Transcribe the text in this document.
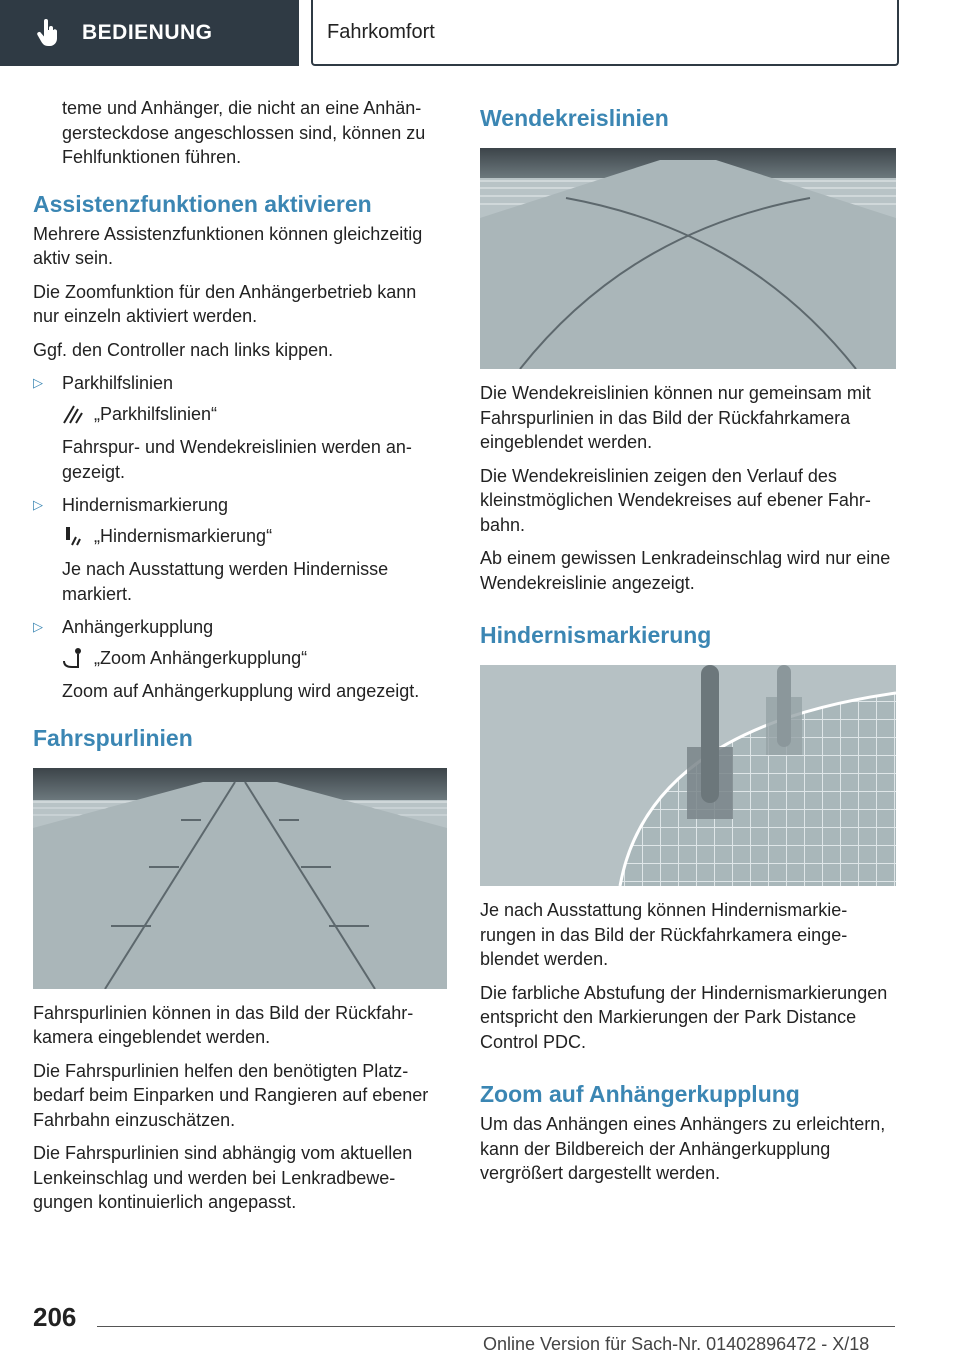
BEDIENUNG	Fahrkomfort

teme und Anhänger, die nicht an eine Anhängersteckdose angeschlossen sind, können zu Fehlfunktionen führen.

Assistenzfunktionen aktivieren

Mehrere Assistenzfunktionen können gleichzeitig aktiv sein.

Die Zoomfunktion für den Anhängerbetrieb kann nur einzeln aktiviert werden.

Ggf. den Controller nach links kippen.

▷	Parkhilfslinien
„Parkhilfslinien“

Fahrspur- und Wendekreislinien werden angezeigt.

▷	Hindernismarkierung
„Hindernismarkierung“

Je nach Ausstattung werden Hindernisse markiert.

▷	Anhängerkupplung
„Zoom Anhängerkupplung“

Zoom auf Anhängerkupplung wird angezeigt.

Fahrspurlinien

Fahrspurlinien können in das Bild der Rückfahrkamera eingeblendet werden.

Die Fahrspurlinien helfen den benötigten Platzbedarf beim Einparken und Rangieren auf ebener Fahrbahn einzuschätzen.

Die Fahrspurlinien sind abhängig vom aktuellen Lenkeinschlag und werden bei Lenkradbewegungen kontinuierlich angepasst.

Wendekreislinien

Die Wendekreislinien können nur gemeinsam mit Fahrspurlinien in das Bild der Rückfahrkamera eingeblendet werden.

Die Wendekreislinien zeigen den Verlauf des kleinstmöglichen Wendekreises auf ebener Fahrbahn.

Ab einem gewissen Lenkradeinschlag wird nur eine Wendekreislinie angezeigt.

Hindernismarkierung

Je nach Ausstattung können Hindernismarkierungen in das Bild der Rückfahrkamera eingeblendet werden.

Die farbliche Abstufung der Hindernismarkierungen entspricht den Markierungen der Park Distance Control PDC.

Zoom auf Anhängerkupplung

Um das Anhängen eines Anhängers zu erleichtern, kann der Bildbereich der Anhängerkupplung vergrößert dargestellt werden.

206
Online Version für Sach-Nr. 01402896472 - X/18
